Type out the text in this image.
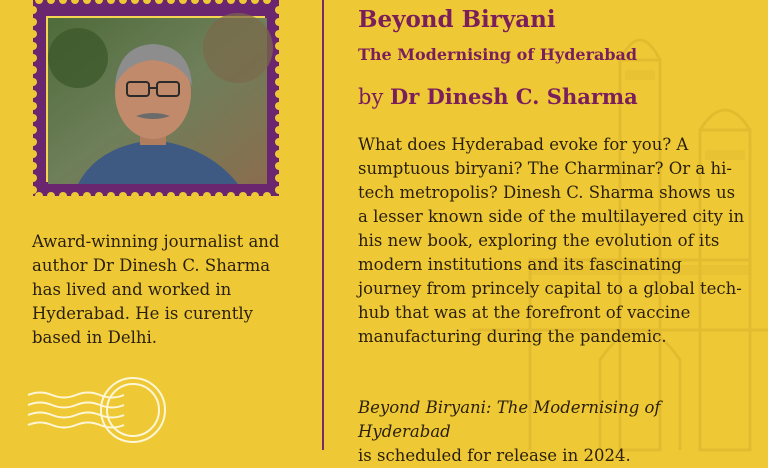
Award-winning journalist and author Dr Dinesh C. Sharma has lived and worked in Hyderabad. He is curently based in Delhi.

Beyond Biryani
The Modernising of Hyderabad
by Dr Dinesh C. Sharma

What does Hyderabad evoke for you? A sumptuous biryani? The Charminar? Or a hi-tech metropolis? Dinesh C. Sharma shows us a lesser known side of the multilayered city in his new book, exploring the evolution of its modern institutions and its fascinating journey from princely capital to a global tech-hub that was at the forefront of vaccine manufacturing during the pandemic.

Beyond Biryani: The Modernising of Hyderabad
is scheduled for release in 2024.
